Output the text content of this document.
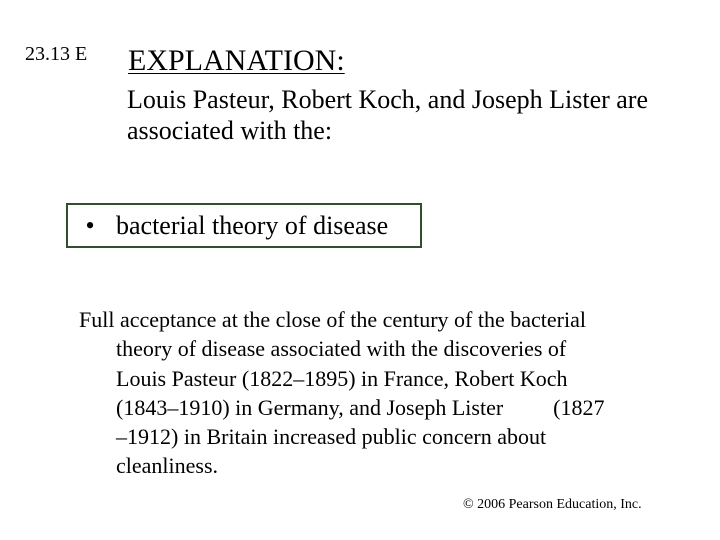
23.13 E EXPLANATION:
Louis Pasteur, Robert Koch, and Joseph Lister are associated with the:
• bacterial theory of disease
Full acceptance at the close of the century of the bacterial
theory of disease associated with the discoveries of
Louis Pasteur (1822–1895) in France, Robert Koch
(1843–1910) in Germany, and Joseph Lister (1827
–1912) in Britain increased public concern about
cleanliness.
© 2006 Pearson Education, Inc.
